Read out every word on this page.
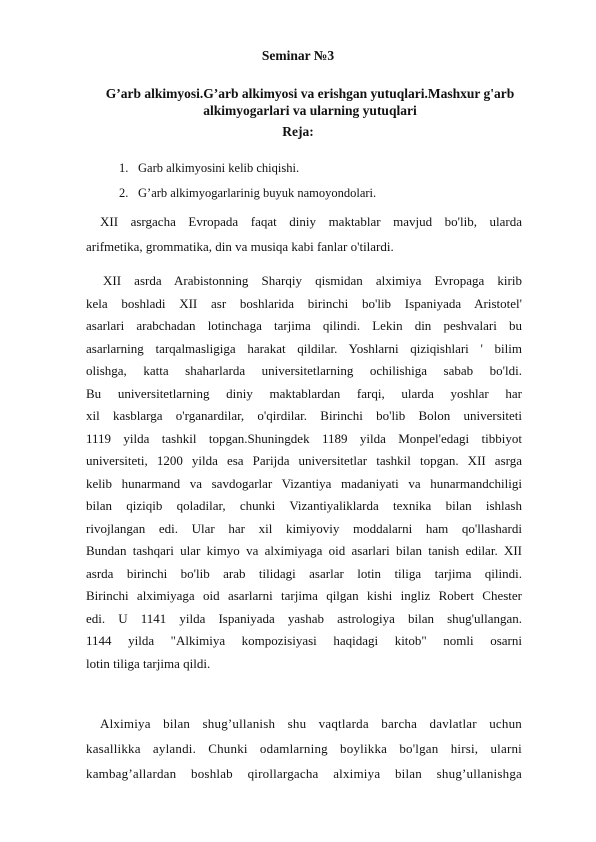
Seminar №3
G’arb alkimyosi.G’arb alkimyosi va erishgan yutuqlari.Mashxur g'arb alkimyogarlari va ularning yutuqlari
Reja:
1. Garb alkimyosini kelib chiqishi.
2. G’arb alkimyogarlarinig buyuk namoyondolari.
XII asrgacha Evropada faqat diniy maktablar mavjud bo'lib, ularda
arifmetika, grommatika, din va musiqa kabi fanlar o'tilardi.
XII asrda Arabistonning Sharqiy qismidan alximiya Evropaga kirib
kela boshladi XII asr boshlarida birinchi bo'lib Ispaniyada Aristotel'
asarlari arabchadan lotinchaga tarjima qilindi. Lekin din peshvalari bu
asarlarning tarqalmasligiga harakat qildilar. Yoshlarni qiziqishlari ' bilim
olishga, katta shaharlarda universitetlarning ochilishiga sabab bo'ldi.
Bu universitetlarning diniy maktablardan farqi, ularda yoshlar har
xil kasblarga o'rganardilar, o'qirdilar. Birinchi bo'lib Bolon universiteti
1119 yilda tashkil topgan.Shuningdek 1189 yilda Monpel'edagi tibbiyot
universiteti, 1200 yilda esa Parijda universitetlar tashkil topgan. XII asrga
kelib hunarmand va savdogarlar Vizantiya madaniyati va hunarmandchiligi
bilan qiziqib qoladilar, chunki Vizantiyaliklarda texnika bilan ishlash
rivojlangan edi. Ular har xil kimiyoviy moddalarni ham qo'llashardi
Bundan tashqari ular kimyo va alximiyaga oid asarlari bilan tanish edilar. XII
asrda birinchi bo'lib arab tilidagi asarlar lotin tiliga tarjima qilindi.
Birinchi alximiyaga oid asarlarni tarjima qilgan kishi ingliz Robert Chester
edi. U 1141 yilda Ispaniyada yashab astrologiya bilan shug'ullangan.
1144 yilda "Alkimiya kompozisiyasi haqidagi kitob" nomli osarni
lotin tiliga tarjima qildi.
Alximiya bilan shug’ullanish shu vaqtlarda barcha davlatlar uchun
kasallikka aylandi. Chunki odamlarning boylikka bo'lgan hirsi, ularni
kambag’allardan boshlab qirollargacha alximiya bilan shug’ullanishga
